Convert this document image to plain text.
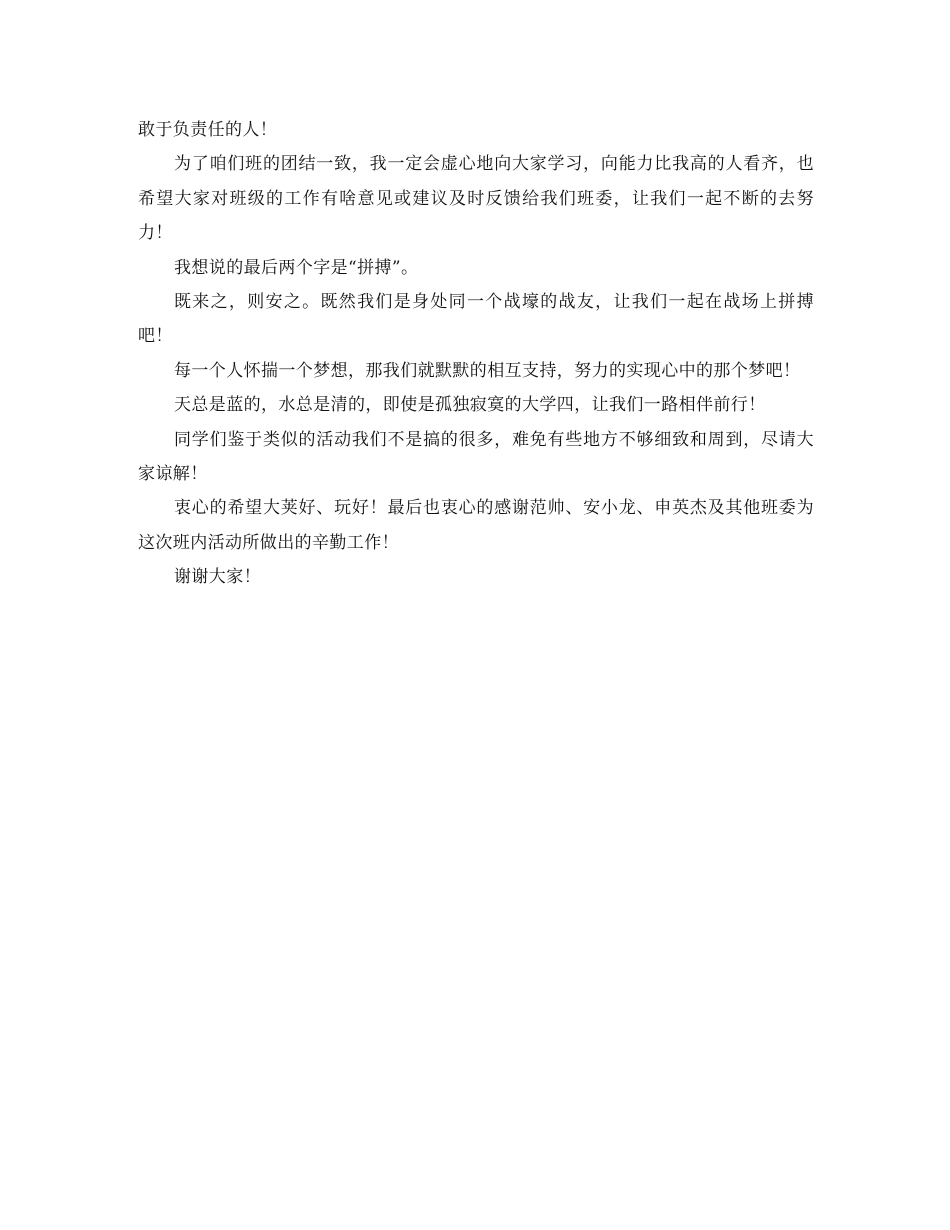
敢于负责任的人！

为了咱们班的团结一致，我一定会虚心地向大家学习，向能力比我高的人看齐，也希望大家对班级的工作有啥意见或建议及时反馈给我们班委，让我们一起不断的去努力！

我想说的最后两个字是“拼搏”。

既来之，则安之。既然我们是身处同一个战壕的战友，让我们一起在战场上拼搏吧！

每一个人怀揣一个梦想，那我们就默默的相互支持，努力的实现心中的那个梦吧！

天总是蓝的，水总是清的，即使是孤独寂寞的大学四，让我们一路相伴前行！

同学们鉴于类似的活动我们不是搞的很多，难免有些地方不够细致和周到，尽请大家谅解！

衷心的希望大荚好、玩好！最后也衷心的感谢范帅、安小龙、申英杰及其他班委为这次班内活动所做出的辛勤工作！

谢谢大家！
